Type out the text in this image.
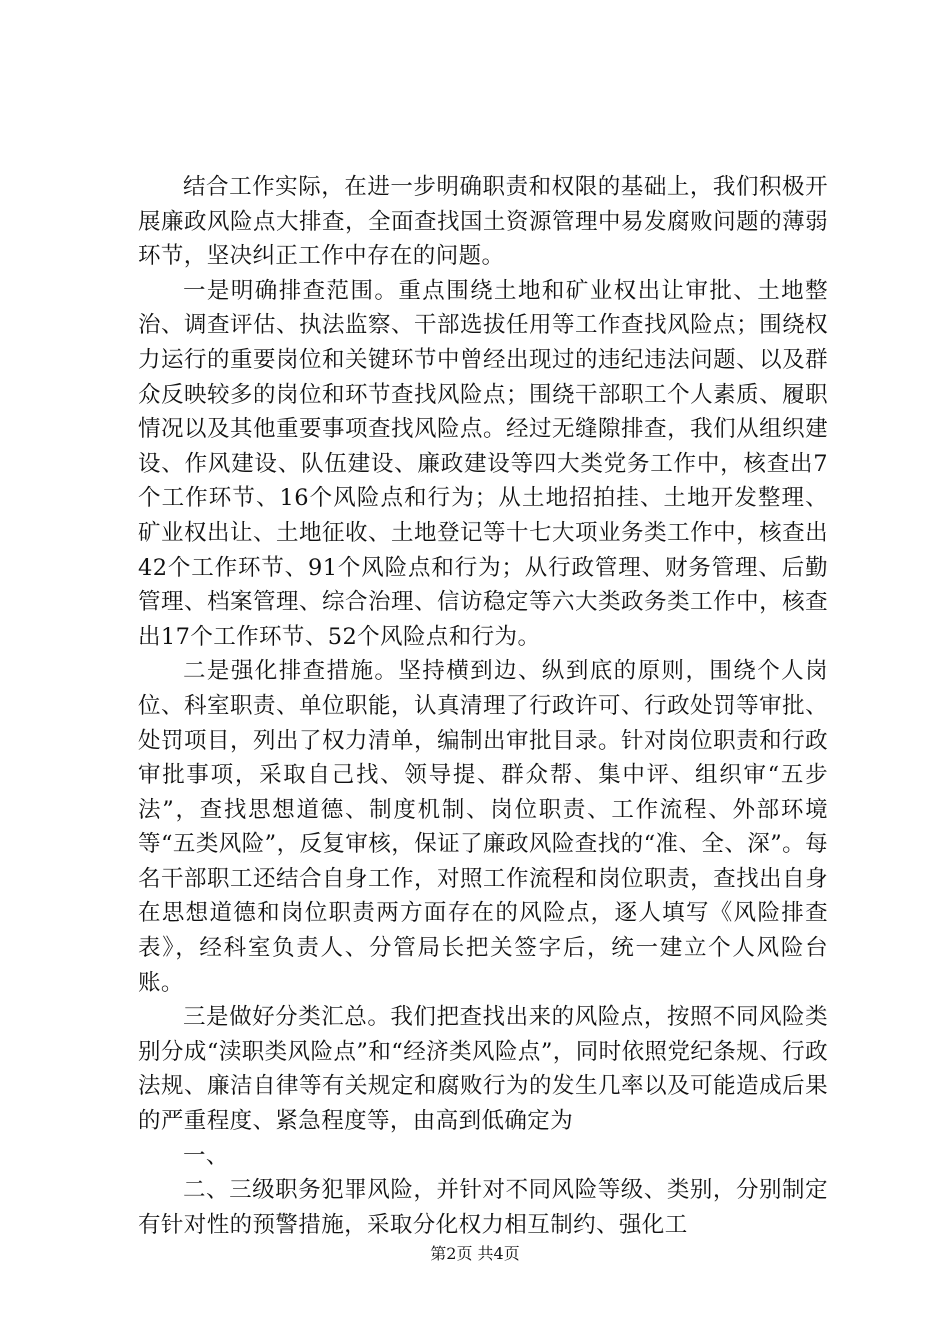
结合工作实际，在进一步明确职责和权限的基础上，我们积极开展廉政风险点大排查，全面查找国土资源管理中易发腐败问题的薄弱环节，坚决纠正工作中存在的问题。

一是明确排查范围。重点围绕土地和矿业权出让审批、土地整治、调查评估、执法监察、干部选拔任用等工作查找风险点；围绕权力运行的重要岗位和关键环节中曾经出现过的违纪违法问题、以及群众反映较多的岗位和环节查找风险点；围绕干部职工个人素质、履职情况以及其他重要事项查找风险点。经过无缝隙排查，我们从组织建设、作风建设、队伍建设、廉政建设等四大类党务工作中，核查出7个工作环节、16个风险点和行为；从土地招拍挂、土地开发整理、矿业权出让、土地征收、土地登记等十七大项业务类工作中，核查出42个工作环节、91个风险点和行为；从行政管理、财务管理、后勤管理、档案管理、综合治理、信访稳定等六大类政务类工作中，核查出17个工作环节、52个风险点和行为。

二是强化排查措施。坚持横到边、纵到底的原则，围绕个人岗位、科室职责、单位职能，认真清理了行政许可、行政处罚等审批、处罚项目，列出了权力清单，编制出审批目录。针对岗位职责和行政审批事项，采取自己找、领导提、群众帮、集中评、组织审“五步法”，查找思想道德、制度机制、岗位职责、工作流程、外部环境等“五类风险”，反复审核，保证了廉政风险查找的“准、全、深”。每名干部职工还结合自身工作，对照工作流程和岗位职责，查找出自身在思想道德和岗位职责两方面存在的风险点，逐人填写《风险排查表》，经科室负责人、分管局长把关签字后，统一建立个人风险台账。

三是做好分类汇总。我们把查找出来的风险点，按照不同风险类别分成“渎职类风险点”和“经济类风险点”，同时依照党纪条规、行政法规、廉洁自律等有关规定和腐败行为的发生几率以及可能造成后果的严重程度、紧急程度等，由高到低确定为

一、

二、三级职务犯罪风险，并针对不同风险等级、类别，分别制定有针对性的预警措施，采取分化权力相互制约、强化工

第2页 共4页
